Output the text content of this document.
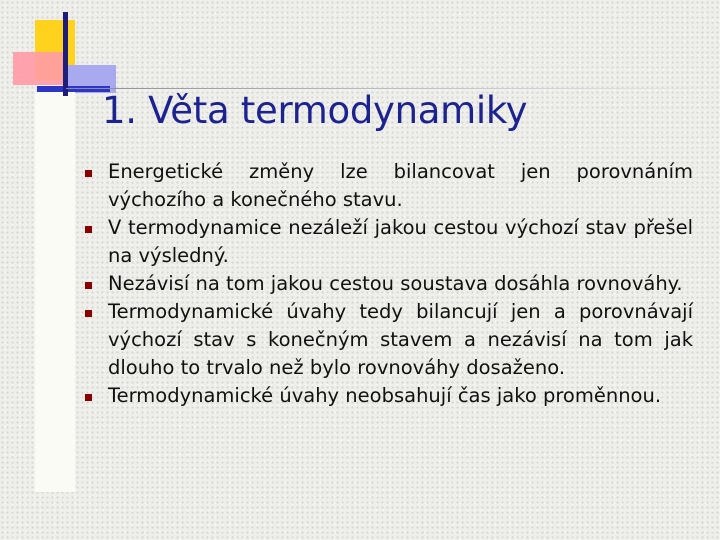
1. Věta termodynamiky
Energetické změny lze bilancovat jen porovnáním výchozího a konečného stavu.
V termodynamice nezáleží jakou cestou výchozí stav přešel na výsledný.
Nezávisí na tom jakou cestou soustava dosáhla rovnováhy.
Termodynamické úvahy tedy bilancují jen a porovnávají výchozí stav s konečným stavem a nezávisí na tom jak dlouho to trvalo než bylo rovnováhy dosaženo.
Termodynamické úvahy neobsahují čas jako proměnnou.
